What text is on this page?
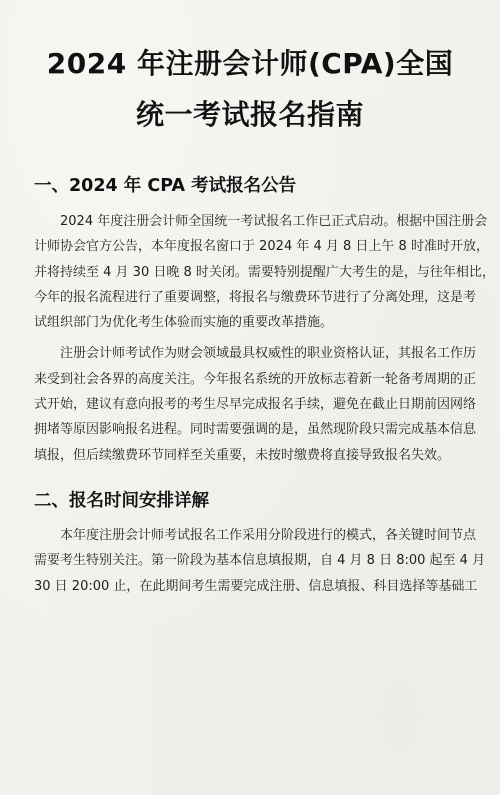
2024 年注册会计师(CPA)全国
统一考试报名指南
一、2024 年 CPA 考试报名公告

2024 年度注册会计师全国统一考试报名工作已正式启动。根据中国注册会
计师协会官方公告，本年度报名窗口于 2024 年 4 月 8 日上午 8 时准时开放，
并将持续至 4 月 30 日晚 8 时关闭。需要特别提醒广大考生的是，与往年相比，
今年的报名流程进行了重要调整，将报名与缴费环节进行了分离处理，这是考
试组织部门为优化考生体验而实施的重要改革措施。

注册会计师考试作为财会领域最具权威性的职业资格认证，其报名工作历
来受到社会各界的高度关注。今年报名系统的开放标志着新一轮备考周期的正
式开始，建议有意向报考的考生尽早完成报名手续，避免在截止日期前因网络
拥堵等原因影响报名进程。同时需要强调的是，虽然现阶段只需完成基本信息
填报，但后续缴费环节同样至关重要，未按时缴费将直接导致报名失效。

二、报名时间安排详解

本年度注册会计师考试报名工作采用分阶段进行的模式，各关键时间节点
需要考生特别关注。第一阶段为基本信息填报期，自 4 月 8 日 8:00 起至 4 月
30 日 20:00 止，在此期间考生需要完成注册、信息填报、科目选择等基础工
